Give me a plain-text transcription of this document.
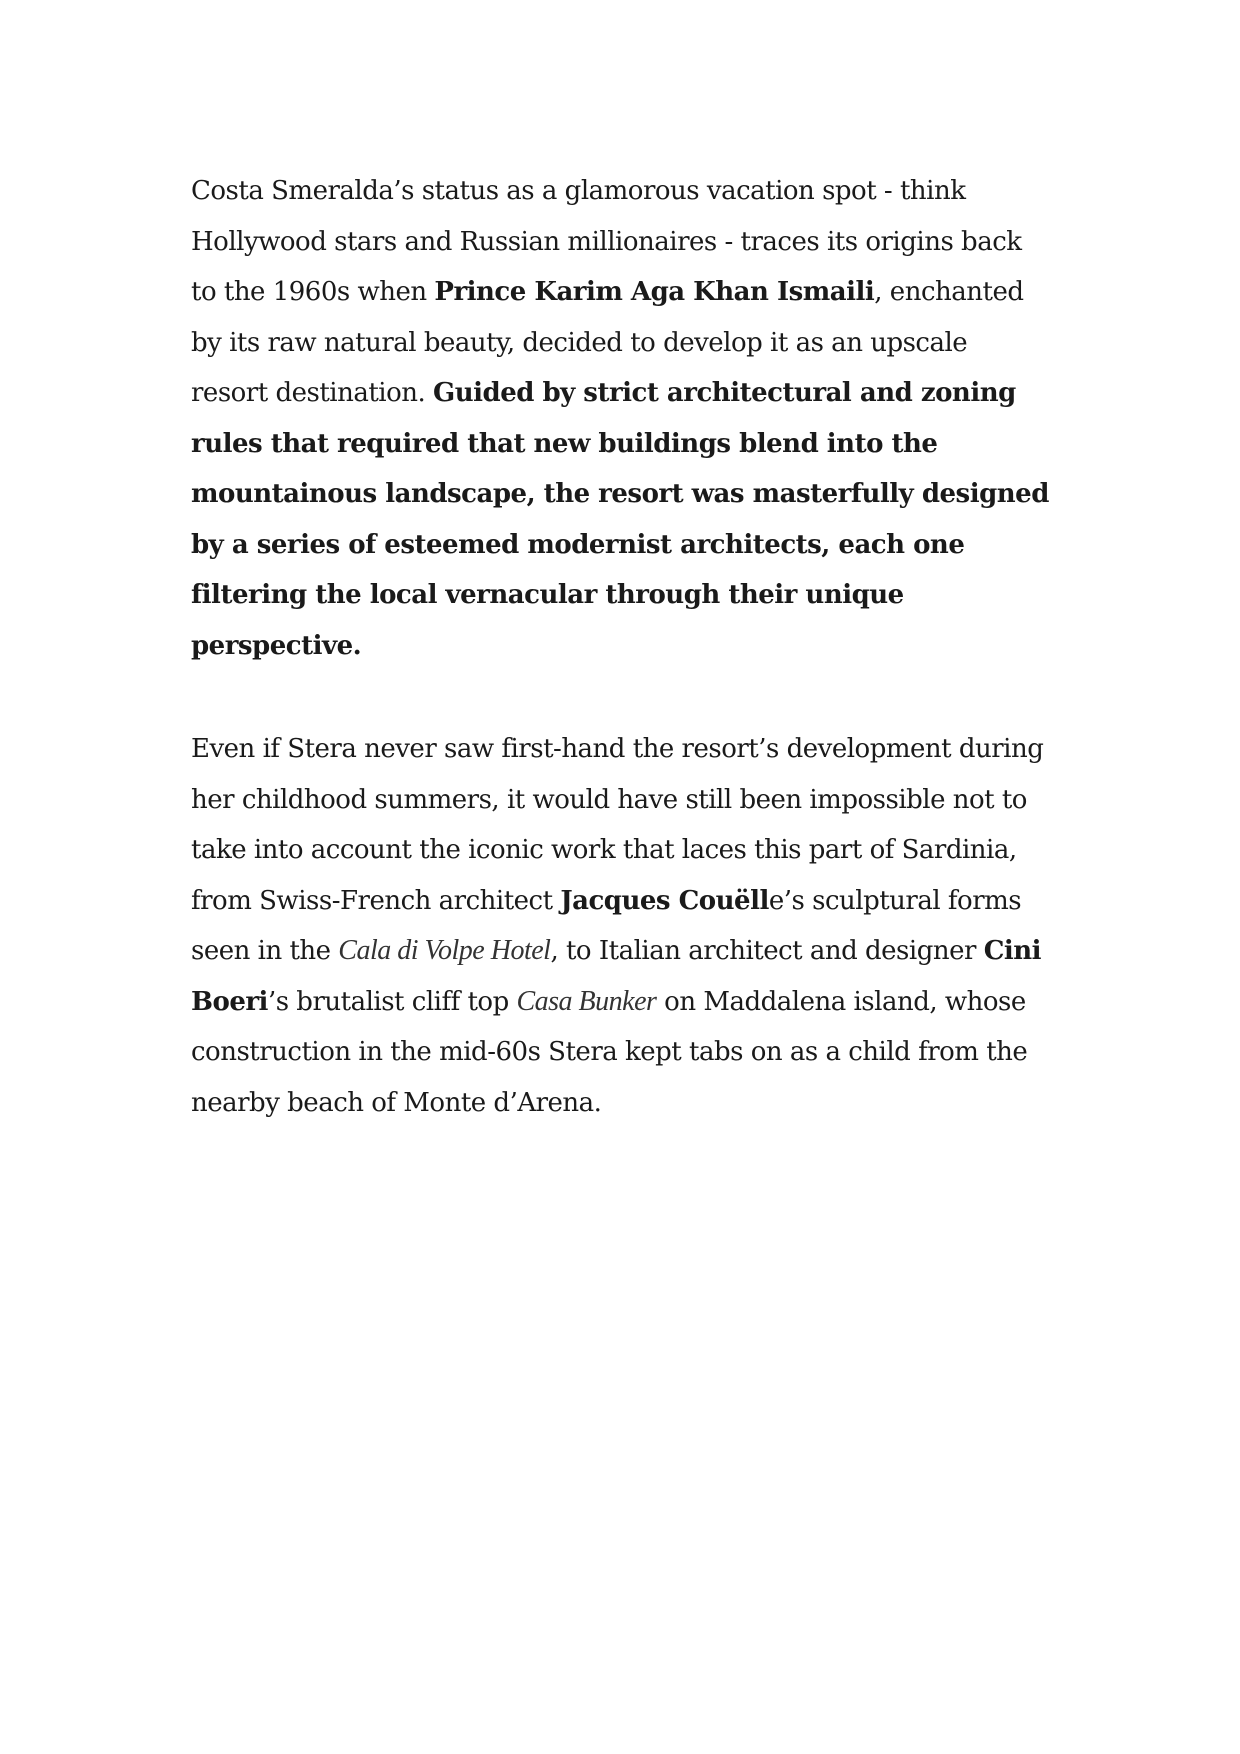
Costa Smeralda’s status as a glamorous vacation spot - think Hollywood stars and Russian millionaires - traces its origins back to the 1960s when Prince Karim Aga Khan Ismaili, enchanted by its raw natural beauty, decided to develop it as an upscale resort destination. Guided by strict architectural and zoning rules that required that new buildings blend into the mountainous landscape, the resort was masterfully designed by a series of esteemed modernist architects, each one filtering the local vernacular through their unique perspective.

Even if Stera never saw first-hand the resort’s development during her childhood summers, it would have still been impossible not to take into account the iconic work that laces this part of Sardinia, from Swiss-French architect Jacques Couëlle’s sculptural forms seen in the Cala di Volpe Hotel, to Italian architect and designer Cini Boeri’s brutalist cliff top Casa Bunker on Maddalena island, whose construction in the mid-60s Stera kept tabs on as a child from the nearby beach of Monte d’Arena.
